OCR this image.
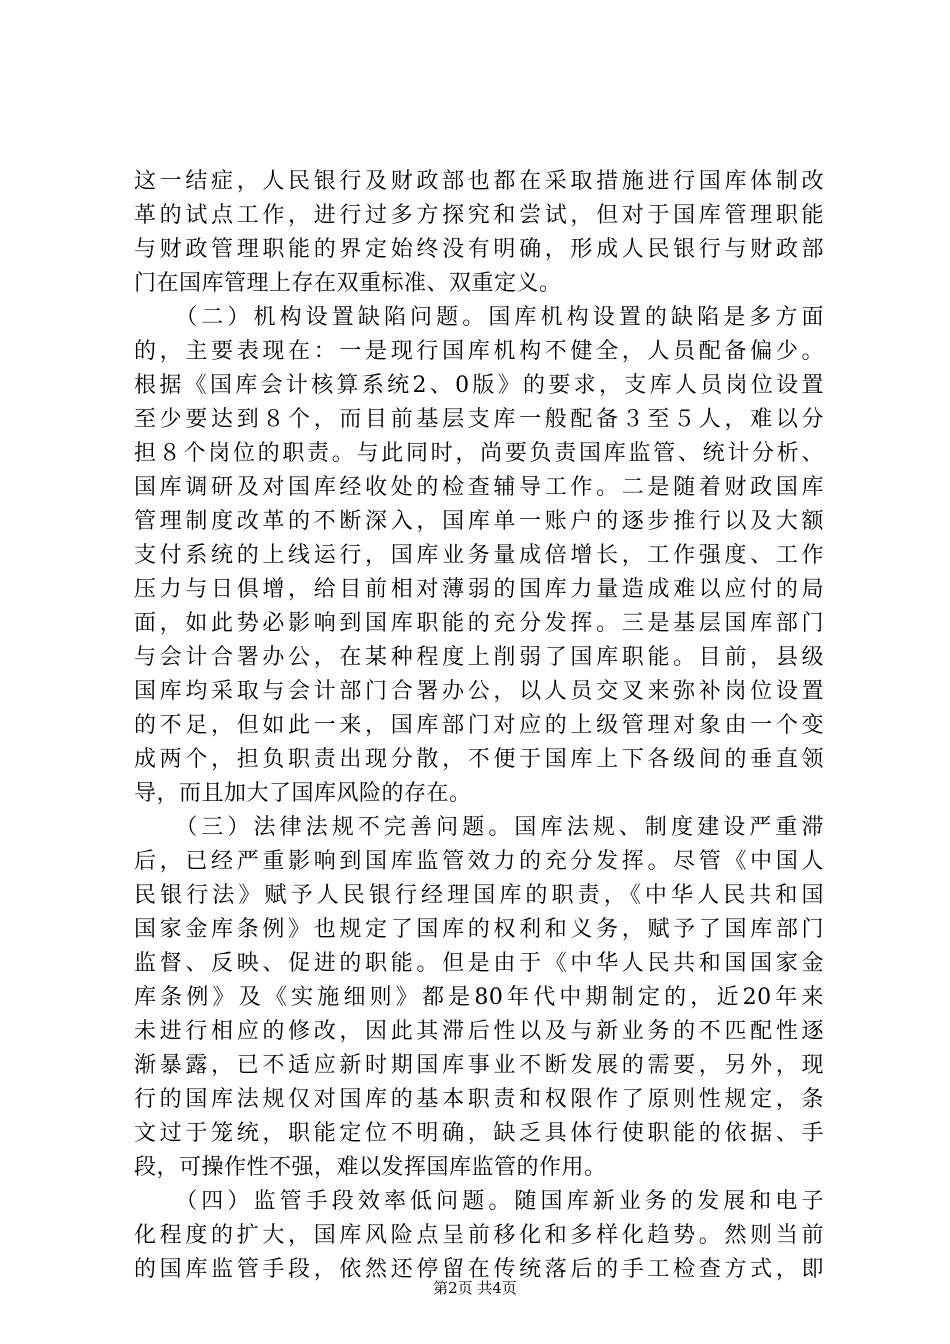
这一结症，人民银行及财政部也都在采取措施进行国库体制改
革的试点工作，进行过多方探究和尝试，但对于国库管理职能
与财政管理职能的界定始终没有明确，形成人民银行与财政部
门在国库管理上存在双重标准、双重定义。
　　（二）机构设置缺陷问题。国库机构设置的缺陷是多方面
的，主要表现在：一是现行国库机构不健全，人员配备偏少。
根据《国库会计核算系统2、0版》的要求，支库人员岗位设置
至少要达到８个，而目前基层支库一般配备３至５人，难以分
担８个岗位的职责。与此同时，尚要负责国库监管、统计分析、
国库调研及对国库经收处的检查辅导工作。二是随着财政国库
管理制度改革的不断深入，国库单一账户的逐步推行以及大额
支付系统的上线运行，国库业务量成倍增长，工作强度、工作
压力与日俱增，给目前相对薄弱的国库力量造成难以应付的局
面，如此势必影响到国库职能的充分发挥。三是基层国库部门
与会计合署办公，在某种程度上削弱了国库职能。目前，县级
国库均采取与会计部门合署办公，以人员交叉来弥补岗位设置
的不足，但如此一来，国库部门对应的上级管理对象由一个变
成两个，担负职责出现分散，不便于国库上下各级间的垂直领
导，而且加大了国库风险的存在。
　　（三）法律法规不完善问题。国库法规、制度建设严重滞
后，已经严重影响到国库监管效力的充分发挥。尽管《中国人
民银行法》赋予人民银行经理国库的职责，《中华人民共和国
国家金库条例》也规定了国库的权利和义务，赋予了国库部门
监督、反映、促进的职能。但是由于《中华人民共和国国家金
库条例》及《实施细则》都是80年代中期制定的，近20年来
未进行相应的修改，因此其滞后性以及与新业务的不匹配性逐
渐暴露，已不适应新时期国库事业不断发展的需要，另外，现
行的国库法规仅对国库的基本职责和权限作了原则性规定，条
文过于笼统，职能定位不明确，缺乏具体行使职能的依据、手
段，可操作性不强，难以发挥国库监管的作用。
　　（四）监管手段效率低问题。随国库新业务的发展和电子
化程度的扩大，国库风险点呈前移化和多样化趋势。然则当前
的国库监管手段，依然还停留在传统落后的手工检查方式，即
第2页 共4页
